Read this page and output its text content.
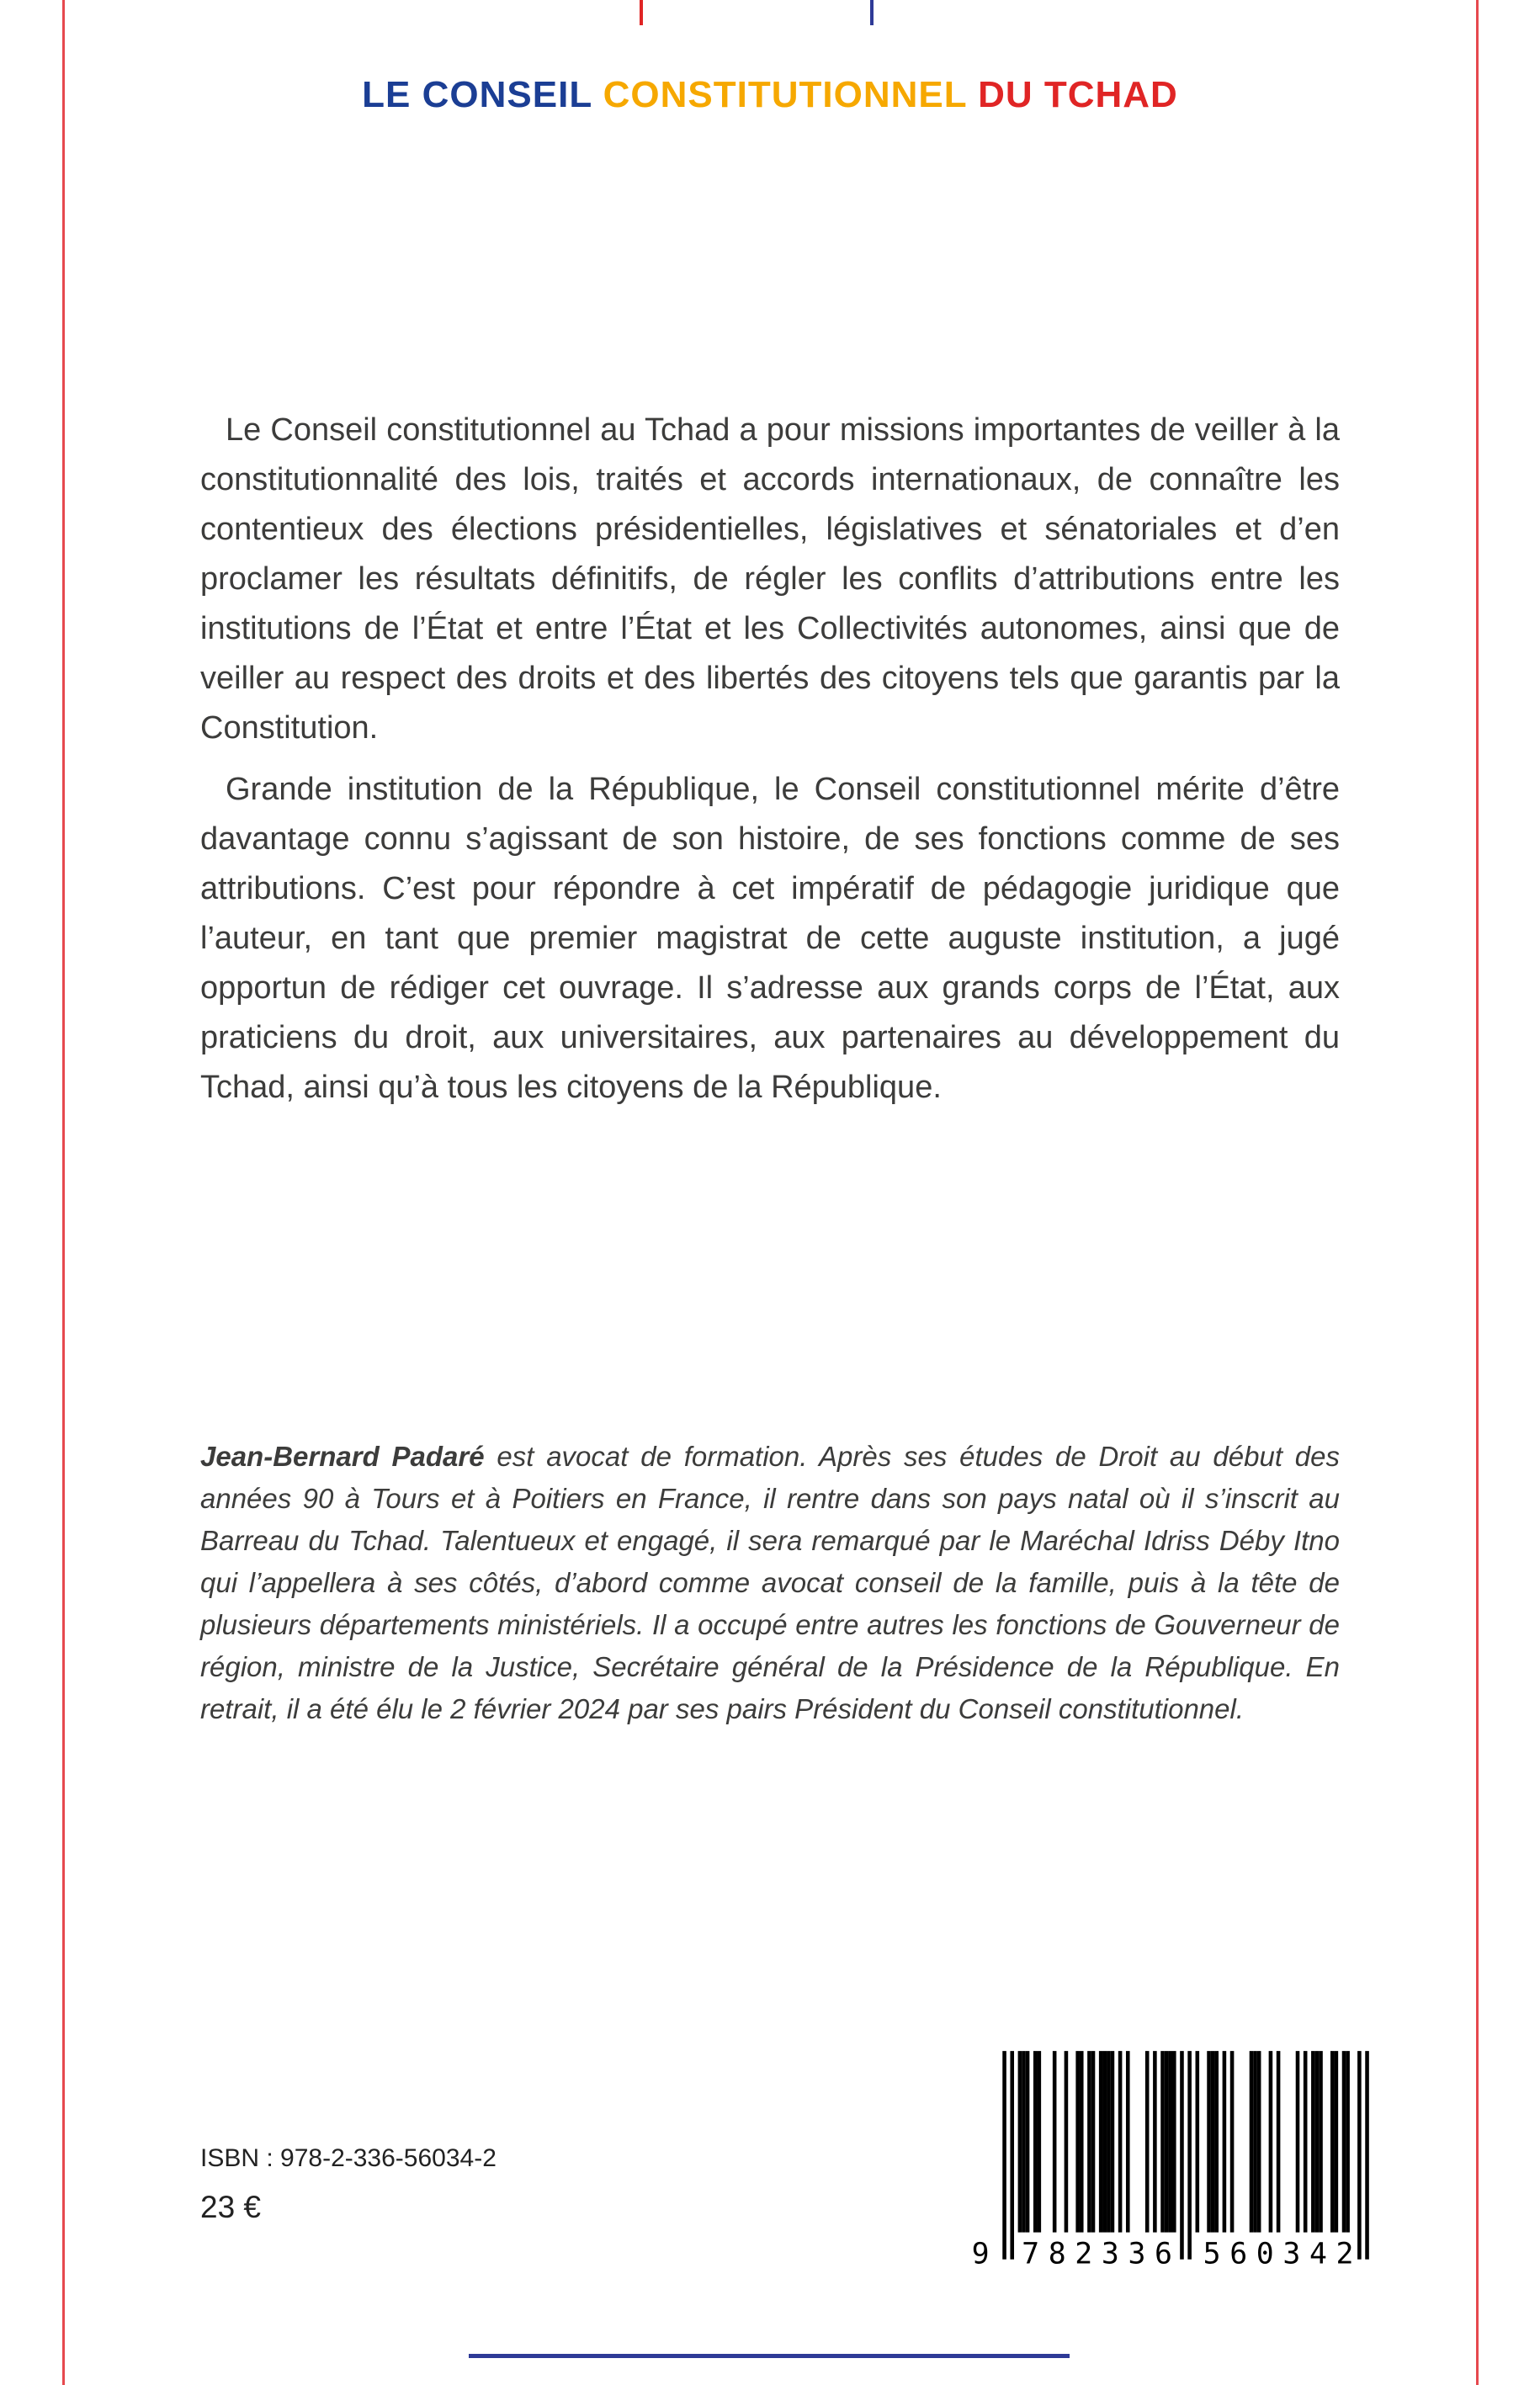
LE CONSEIL CONSTITUTIONNEL DU TCHAD

Le Conseil constitutionnel au Tchad a pour missions importantes de veiller à la constitutionnalité des lois, traités et accords internationaux, de connaître les contentieux des élections présidentielles, législatives et sénatoriales et d’en proclamer les résultats définitifs, de régler les conflits d’attributions entre les institutions de l’État et entre l’État et les Collectivités autonomes, ainsi que de veiller au respect des droits et des libertés des citoyens tels que garantis par la Constitution.

Grande institution de la République, le Conseil constitutionnel mérite d’être davantage connu s’agissant de son histoire, de ses fonctions comme de ses attributions. C’est pour répondre à cet impératif de pédagogie juridique que l’auteur, en tant que premier magistrat de cette auguste institution, a jugé opportun de rédiger cet ouvrage. Il s’adresse aux grands corps de l’État, aux praticiens du droit, aux universitaires, aux partenaires au développement du Tchad, ainsi qu’à tous les citoyens de la République.

Jean-Bernard Padaré est avocat de formation. Après ses études de Droit au début des années 90 à Tours et à Poitiers en France, il rentre dans son pays natal où il s’inscrit au Barreau du Tchad. Talentueux et engagé, il sera remarqué par le Maréchal Idriss Déby Itno qui l’appellera à ses côtés, d’abord comme avocat conseil de la famille, puis à la tête de plusieurs départements ministériels. Il a occupé entre autres les fonctions de Gouverneur de région, ministre de la Justice, Secrétaire général de la Présidence de la République. En retrait, il a été élu le 2 février 2024 par ses pairs Président du Conseil constitutionnel.

ISBN : 978-2-336-56034-2
23 €
9	782336	560342
